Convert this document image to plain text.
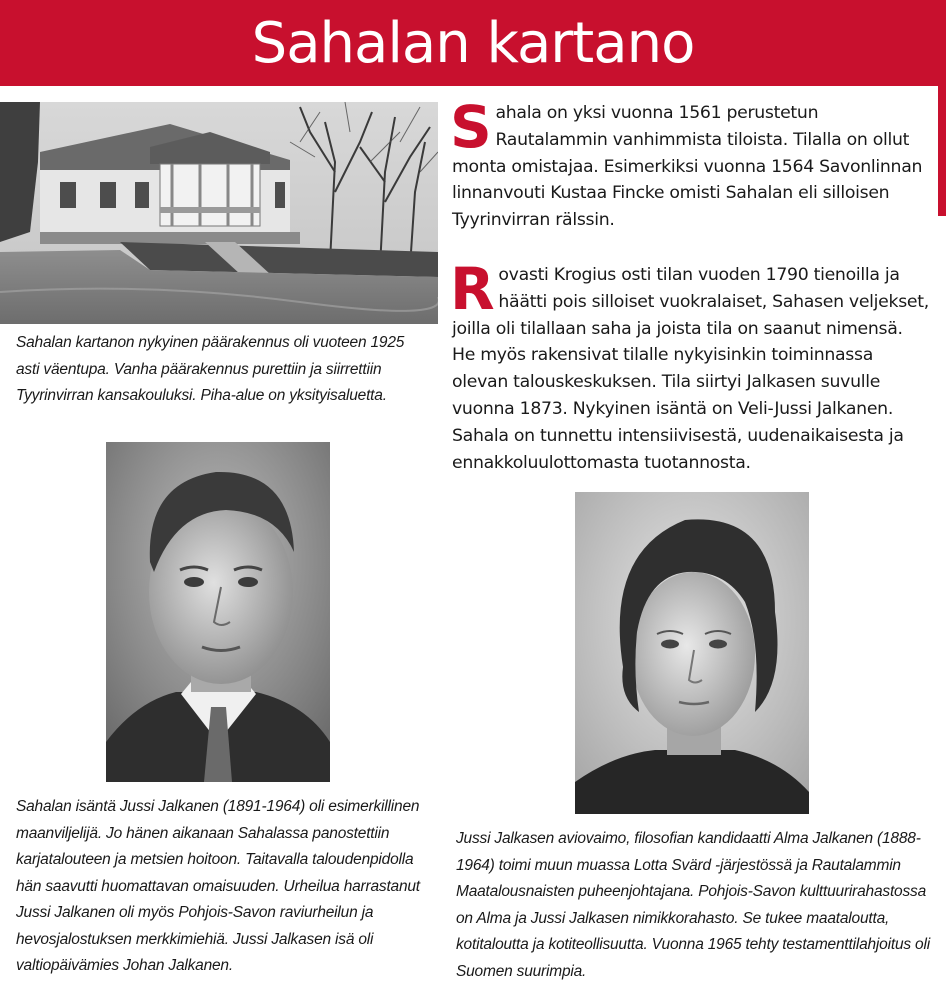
Sahalan kartano

Sahalan kartanon nykyinen päärakennus oli vuoteen 1925 asti väentupa. Vanha päärakennus purettiin ja siirrettiin Tyyrinvirran kansakouluksi. Piha-alue on yksityisaluetta.

Sahalan isäntä Jussi Jalkanen (1891-1964) oli esimerkillinen maanviljelijä. Jo hänen aikanaan Sahalassa panostettiin karjatalouteen ja metsien hoitoon. Taitavalla taloudenpidolla hän saavutti huomattavan omaisuuden. Urheilua harrastanut Jussi Jalkanen oli myös Pohjois-Savon raviurheilun ja hevosjalostuksen merkkimiehiä. Jussi Jalkasen isä oli valtiopäivämies Johan Jalkanen.

Sahala on yksi vuonna 1561 perustetun Rautalammin vanhimmista tiloista. Tilalla on ollut monta omistajaa. Esimerkiksi vuonna 1564 Savonlinnan linnanvouti Kustaa Fincke omisti Sahalan eli silloisen Tyyrinvirran rälssin.

Rovasti Krogius osti tilan vuoden 1790 tienoilla ja häätti pois silloiset vuokralaiset, Sahasen veljekset, joilla oli tilallaan saha ja joista tila on saanut nimensä. He myös rakensivat tilalle nykyisinkin toiminnassa olevan talouskeskuksen. Tila siirtyi Jalkasen suvulle vuonna 1873. Nykyinen isäntä on Veli-Jussi Jalkanen. Sahala on tunnettu intensiivisestä, uudenaikaisesta ja ennakkoluulottomasta tuotannosta.

Jussi Jalkasen aviovaimo, filosofian kandidaatti Alma Jalkanen (1888-1964) toimi muun muassa Lotta Svärd -järjestössä ja Rautalammin Maatalousnaisten puheenjohtajana. Pohjois-Savon kulttuurirahastossa on Alma ja Jussi Jalkasen nimikkorahasto. Se tukee maataloutta, kotitaloutta ja kotiteollisuutta. Vuonna 1965 tehty testamenttilahjoitus oli Suomen suurimpia.
